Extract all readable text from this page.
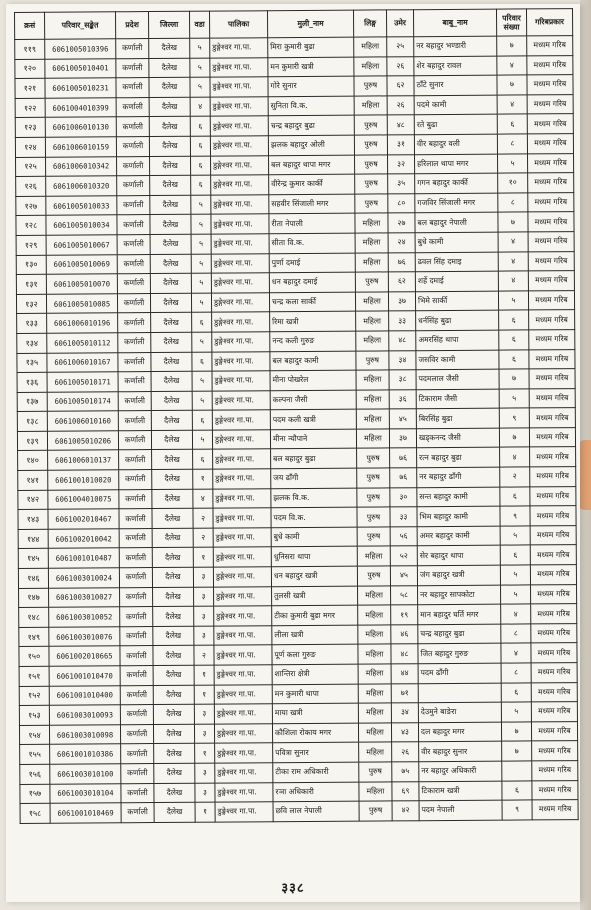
क्रसं	परिवार_सङ्केत	प्रदेश	जिल्ला	वडा	पालिका	मुली_नाम	लिङ्ग	उमेर	बाबु_नाम	परिवार संख्या	गरिबप्रकार
११९	6061005010396	कर्णाली	दैलेख	५	डुङ्गेश्वर गा.पा.	मिरा कुमारी बुढा	महिला	२५	नर बहादुर भण्डारी	७	मध्यम गरिब
१२०	6061005010401	कर्णाली	दैलेख	५	डुङ्गेश्वर गा.पा.	मन कुमारी खत्री	महिला	२६	शेर बहादुर रावल	४	मध्यम गरिब
१२१	6061005010231	कर्णाली	दैलेख	५	डुङ्गेश्वर गा.पा.	गोरे सुनार	पुरुष	६२	ठाँटे सुनार	७	मध्यम गरिब
१२२	6061004010399	कर्णाली	दैलेख	४	डुङ्गेश्वर गा.पा.	सुनिता वि.क.	महिला	२६	पदमे कामी	४	मध्यम गरिब
१२३	6061006010130	कर्णाली	दैलेख	६	डुङ्गेश्वर गा.पा.	चन्द्र बहादुर बुढा	पुरुष	४८	रते बुढा	६	मध्यम गरिब
१२४	6061006010159	कर्णाली	दैलेख	६	डुङ्गेश्वर गा.पा.	झलक बहादुर ओली	पुरुष	३१	वीर बहादुर वली	८	मध्यम गरिब
१२५	6061006010342	कर्णाली	दैलेख	६	डुङ्गेश्वर गा.पा.	बल बहादुर थापा मगर	पुरुष	३२	हरिलाल थापा मगर	५	मध्यम गरिब
१२६	6061006010320	कर्णाली	दैलेख	६	डुङ्गेश्वर गा.पा.	वीरेन्द्र कुमार कार्की	पुरुष	३५	गगन बहादुर कार्की	१०	मध्यम गरिब
१२७	6061005010033	कर्णाली	दैलेख	५	डुङ्गेश्वर गा.पा.	सहवीर सिंजाली मगर	पुरुष	८०	गजविर सिंजाली मगर	८	मध्यम गरिब
१२८	6061005010034	कर्णाली	दैलेख	५	डुङ्गेश्वर गा.पा.	रीता नेपाली	महिला	२७	बल बहादुर नेपाली	७	मध्यम गरिब
१२९	6061005010067	कर्णाली	दैलेख	५	डुङ्गेश्वर गा.पा.	सीता वि.क.	महिला	२४	बुधे कामी	४	मध्यम गरिब
१३०	6061005010069	कर्णाली	दैलेख	५	डुङ्गेश्वर गा.पा.	पुर्णा दमाई	महिला	७६	ढवल सिंह दमाइ	४	मध्यम गरिब
१३१	6061005010070	कर्णाली	दैलेख	५	डुङ्गेश्वर गा.पा.	धन बहादुर दमाई	पुरुष	६२	शर्हे दमाई	४	मध्यम गरिब
१३२	6061005010085	कर्णाली	दैलेख	५	डुङ्गेश्वर गा.पा.	चन्द्र कला सार्की	महिला	३७	भिमे सार्की	५	मध्यम गरिब
१३३	6061006010196	कर्णाली	दैलेख	६	डुङ्गेश्वर गा.पा.	रिमा खत्री	महिला	३३	धर्नसिंह बुढा	६	मध्यम गरिब
१३४	6061005010112	कर्णाली	दैलेख	५	डुङ्गेश्वर गा.पा.	नन्द कली गुरुङ	महिला	४८	अमरसिंह थापा	६	मध्यम गरिब
१३५	6061006010167	कर्णाली	दैलेख	६	डुङ्गेश्वर गा.पा.	बल बहादुर कामी	पुरुष	३४	जसविर कामी	६	मध्यम गरिब
१३६	6061005010171	कर्णाली	दैलेख	५	डुङ्गेश्वर गा.पा.	मीना पोखरेल	महिला	३८	पदमलाल जैसी	७	मध्यम गरिब
१३७	6061005010174	कर्णाली	दैलेख	५	डुङ्गेश्वर गा.पा.	कल्पना जैसी	महिला	३६	टिकाराम जैसी	५	मध्यम गरिब
१३८	6061006010160	कर्णाली	दैलेख	६	डुङ्गेश्वर गा.पा.	पदम कली खत्री	महिला	४५	बिरसिंह बुढा	९	मध्यम गरिब
१३९	6061005010206	कर्णाली	दैलेख	५	डुङ्गेश्वर गा.पा.	मीना न्यौपाने	महिला	३७	खड्कनन्द जैसी	७	मध्यम गरिब
१४०	6061006010137	कर्णाली	दैलेख	६	डुङ्गेश्वर गा.पा.	बल बहादुर बुढा	पुरुष	७६	रत्न बहादुर बुढा	४	मध्यम गरिब
१४१	6061001010020	कर्णाली	दैलेख	१	डुङ्गेश्वर गा.पा.	जय ढाँगी	पुरुष	७६	नर बहादुर ढाँगी	२	मध्यम गरिब
१४२	6061004010075	कर्णाली	दैलेख	४	डुङ्गेश्वर गा.पा.	झलक वि.क.	पुरुष	३०	सन्त बहादुर कामी	६	मध्यम गरिब
१४३	6061002010467	कर्णाली	दैलेख	२	डुङ्गेश्वर गा.पा.	पदम वि.क.	पुरुष	३३	भिम बहादुर कामी	९	मध्यम गरिब
१४४	6061002010042	कर्णाली	दैलेख	२	डुङ्गेश्वर गा.पा.	बुधे कामी	पुरुष	५६	अमर बहादुर कामी	५	मध्यम गरिब
१४५	6061001010487	कर्णाली	दैलेख	१	डुङ्गेश्वर गा.पा.	धुनिसरा थापा	महिला	५२	सेर बहादुर थापा	६	मध्यम गरिब
१४६	6061003010024	कर्णाली	दैलेख	३	डुङ्गेश्वर गा.पा.	धन बहादुर खत्री	पुरुष	४५	जंग बहादुर खत्री	५	मध्यम गरिब
१४७	6061003010027	कर्णाली	दैलेख	३	डुङ्गेश्वर गा.पा.	तुलसी खत्री	महिला	५८	नर बहादुर सापकोटा	५	मध्यम गरिब
१४८	6061003010052	कर्णाली	दैलेख	३	डुङ्गेश्वर गा.पा.	टीका कुमारी बुढा मगर	महिला	१९	मान बहादुर घर्ति मगर	४	मध्यम गरिब
१४९	6061003010076	कर्णाली	दैलेख	३	डुङ्गेश्वर गा.पा.	लीला खत्री	महिला	४६	चन्द्र बहादुर बुढा	८	मध्यम गरिब
१५०	6061002010665	कर्णाली	दैलेख	२	डुङ्गेश्वर गा.पा.	पूर्ण कला गुरुङ	महिला	४८	जित बहादुर गुरुङ	४	मध्यम गरिब
१५१	6061001010470	कर्णाली	दैलेख	१	डुङ्गेश्वर गा.पा.	शान्तिरा क्षेत्री	महिला	४४	पदम ढाँगी	८	मध्यम गरिब
१५२	6061001010400	कर्णाली	दैलेख	१	डुङ्गेश्वर गा.पा.	मन कुमारी थापा	महिला	७१		६	मध्यम गरिब
१५३	6061003010093	कर्णाली	दैलेख	३	डुङ्गेश्वर गा.पा.	माया खत्री	महिला	३४	देउमुने बाङेरा	५	मध्यम गरिब
१५४	6061003010098	कर्णाली	दैलेख	३	डुङ्गेश्वर गा.पा.	कौशिला रोकाय मगर	महिला	४३	दल बहादुर मगर	७	मध्यम गरिब
१५५	6061001010386	कर्णाली	दैलेख	१	डुङ्गेश्वर गा.पा.	पवित्रा सुनार	महिला	२६	वीर बहादुर सुनार	७	मध्यम गरिब
१५६	6061003010100	कर्णाली	दैलेख	३	डुङ्गेश्वर गा.पा.	टीका राम अधिकारी	पुरुष	७५	नर बहादुर अधिकारी		मध्यम गरिब
१५७	6061003010104	कर्णाली	दैलेख	३	डुङ्गेश्वर गा.पा.	रञा अधिकारी	महिला	६९	टिकाराम खत्री	६	मध्यम गरिब
१५८	6061001010469	कर्णाली	दैलेख	१	डुङ्गेश्वर गा.पा.	छवि लाल नेपाली	पुरुष	४२	पदम नेपाली	९	मध्यम गरिब
३३८
